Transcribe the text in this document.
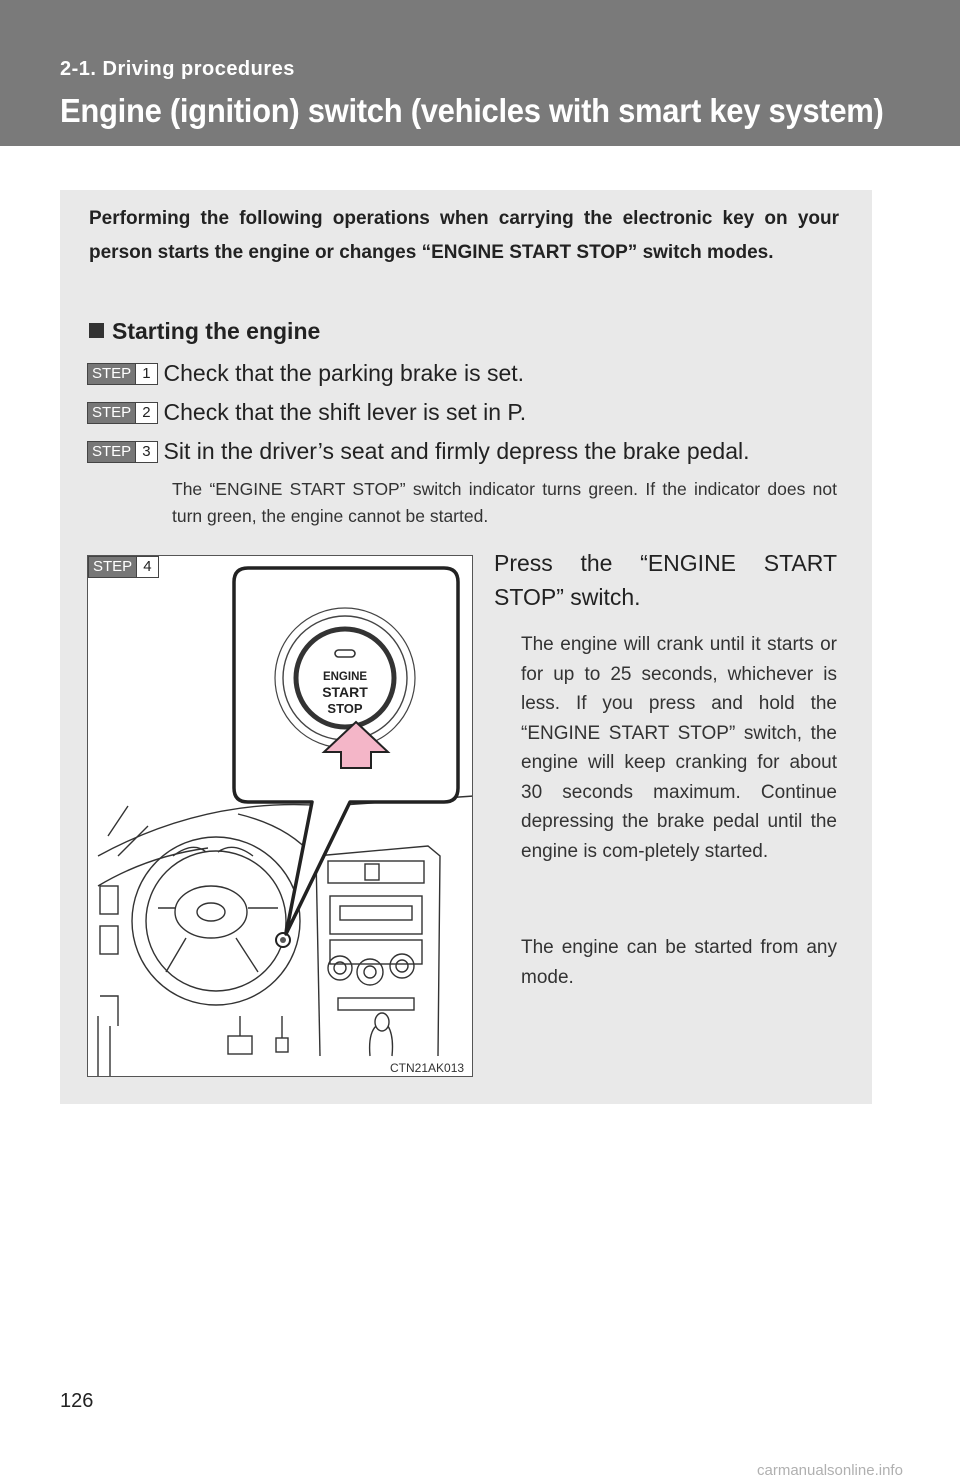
2-1. Driving procedures
Engine (ignition) switch (vehicles with smart key system)

Performing the following operations when carrying the electronic key on your person starts the engine or changes “ENGINE START STOP” switch modes.

Starting the engine
STEP 1 Check that the parking brake is set.
STEP 2 Check that the shift lever is set in P.
STEP 3 Sit in the driver’s seat and firmly depress the brake pedal.

The “ENGINE START STOP” switch indicator turns green. If the indicator does not turn green, the engine cannot be started.

ENGINE
START
STOP
STEP 4
CTN21AK013

Press the “ENGINE START STOP” switch.

The engine will crank until it starts or for up to 25 seconds, whichever is less. If you press and hold the “ENGINE START STOP” switch, the engine will keep cranking for about 30 seconds maximum. Continue depressing the brake pedal until the engine is com-pletely started.

The engine can be started from any mode.

126
carmanualsonline.info
